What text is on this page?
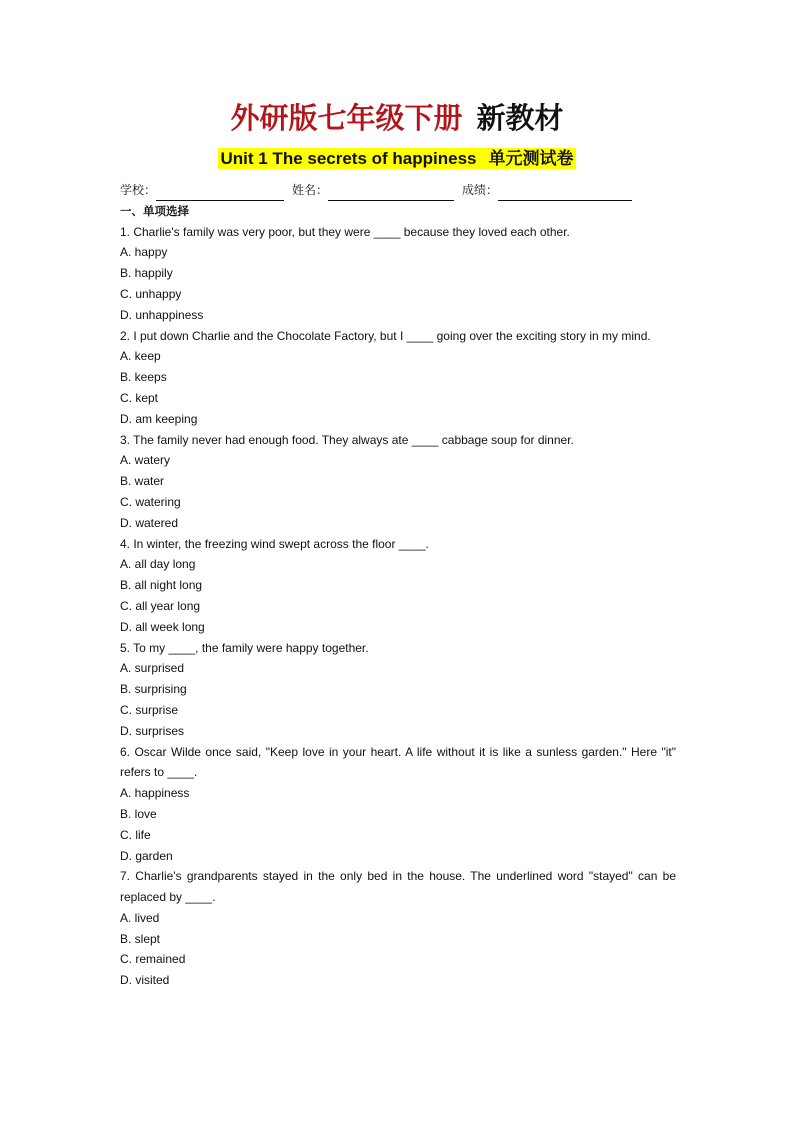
外研版七年级下册 新教材
Unit 1 The secrets of happiness 单元测试卷
学校：	姓名：	成绩：
一、单项选择
1. Charlie's family was very poor, but they were ____ because they loved each other.
A. happy
B. happily
C. unhappy
D. unhappiness
2. I put down Charlie and the Chocolate Factory, but I ____ going over the exciting story in my mind.
A. keep
B. keeps
C. kept
D. am keeping
3. The family never had enough food. They always ate ____ cabbage soup for dinner.
A. watery
B. water
C. watering
D. watered
4. In winter, the freezing wind swept across the floor ____.
A. all day long
B. all night long
C. all year long
D. all week long
5. To my ____, the family were happy together.
A. surprised
B. surprising
C. surprise
D. surprises
6. Oscar Wilde once said, "Keep love in your heart. A life without it is like a sunless garden." Here "it" refers to ____.
A. happiness
B. love
C. life
D. garden
7. Charlie's grandparents stayed in the only bed in the house. The underlined word "stayed" can be replaced by ____.
A. lived
B. slept
C. remained
D. visited
